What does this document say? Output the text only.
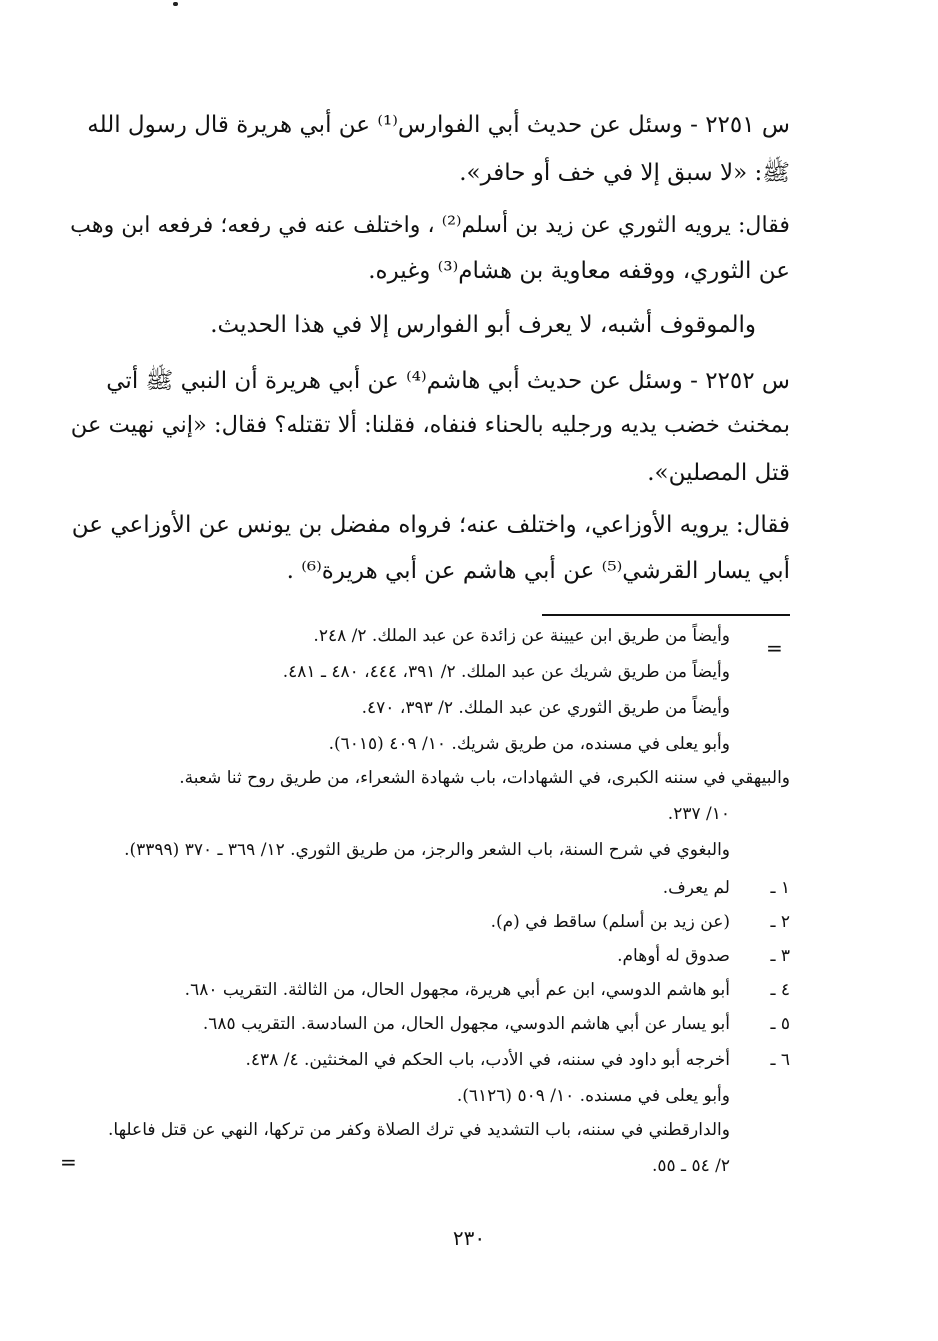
س ٢٢٥١ - وسئل عن حديث أبي الفوارس⁽¹⁾ عن أبي هريرة قال رسول الله
ﷺ: «لا سبق إلا في خف أو حافر».
فقال: يرويه الثوري عن زيد بن أسلم⁽²⁾ ، واختلف عنه في رفعه؛ فرفعه ابن وهب
عن الثوري، ووقفه معاوية بن هشام⁽³⁾ وغيره.
والموقوف أشبه، لا يعرف أبو الفوارس إلا في هذا الحديث.
س ٢٢٥٢ - وسئل عن حديث أبي هاشم⁽⁴⁾ عن أبي هريرة أن النبي ﷺ أتي
بمخنث خضب يديه ورجليه بالحناء فنفاه، فقلنا: ألا تقتله؟ فقال: «إني نهيت عن
قتل المصلين».
فقال: يرويه الأوزاعي، واختلف عنه؛ فرواه مفضل بن يونس عن الأوزاعي عن
أبي يسار القرشي⁽⁵⁾ عن أبي هاشم عن أبي هريرة⁽⁶⁾ .
=
وأيضاً من طريق ابن عيينة عن زائدة عن عبد الملك. ٢/ ٢٤٨.
وأيضاً من طريق شريك عن عبد الملك. ٢/ ٣٩١، ٤٤٤، ٤٨٠ ـ ٤٨١.
وأيضاً من طريق الثوري عن عبد الملك. ٢/ ٣٩٣، ٤٧٠.
وأبو يعلى في مسنده، من طريق شريك. ١٠/ ٤٠٩ (٦٠١٥).
والبيهقي في سننه الكبرى، في الشهادات، باب شهادة الشعراء، من طريق روح ثنا شعبة.
١٠/ ٢٣٧.
والبغوي في شرح السنة، باب الشعر والرجز، من طريق الثوري. ١٢/ ٣٦٩ ـ ٣٧٠ (٣٣٩٩).
١ ـ
لم يعرف.
٢ ـ
(عن زيد بن أسلم) ساقط في (م).
٣ ـ
صدوق له أوهام.
٤ ـ
أبو هاشم الدوسي، ابن عم أبي هريرة، مجهول الحال، من الثالثة. التقريب ٦٨٠.
٥ ـ
أبو يسار عن أبي هاشم الدوسي، مجهول الحال، من السادسة. التقريب ٦٨٥.
٦ ـ
أخرجه أبو داود في سننه، في الأدب، باب الحكم في المخنثين. ٤/ ٤٣٨.
وأبو يعلى في مسنده. ١٠/ ٥٠٩ (٦١٢٦).
والدارقطني في سننه، باب التشديد في ترك الصلاة وكفر من تركها، النهي عن قتل فاعلها.
٢/ ٥٤ ـ ٥٥.
=
٢٣٠
